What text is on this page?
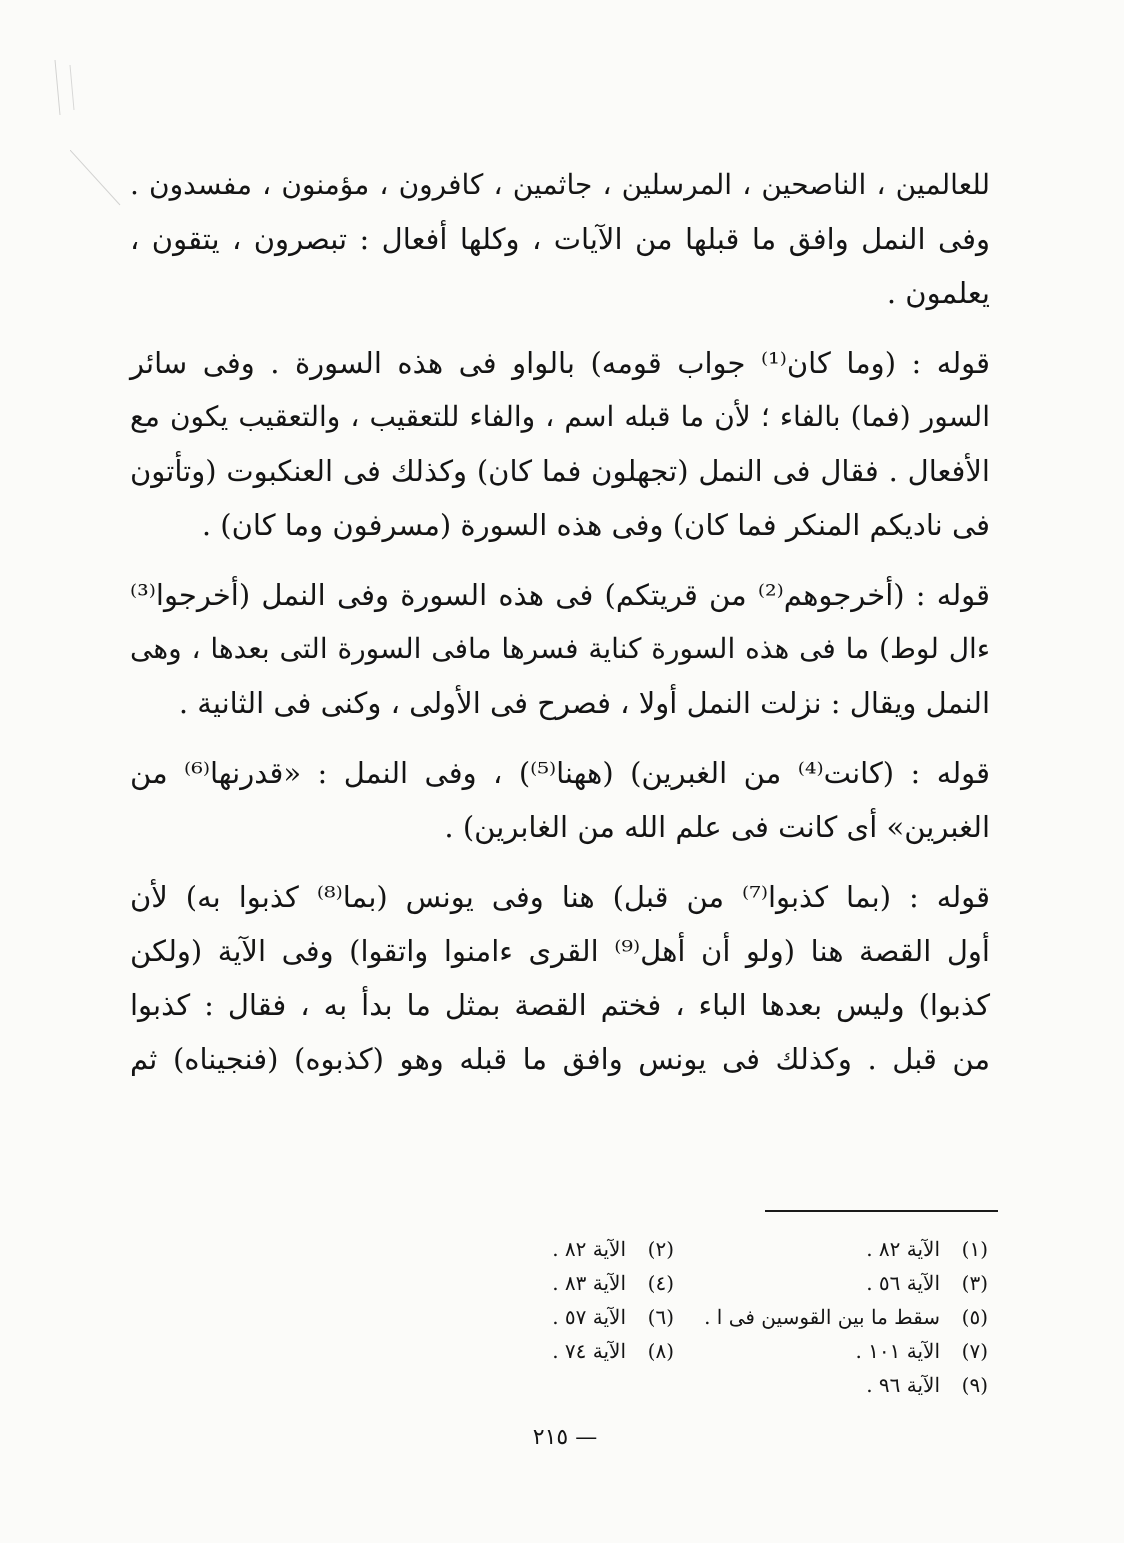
للعالمين ، الناصحين ، المرسلين ، جاثمين ، كافرون ، مؤمنون ، مفسدون .
وفى النمل وافق ما قبلها من الآيات ، وكلها أفعال : تبصرون ، يتقون ،
يعلمون .
قوله : (وما كان⁽¹⁾ جواب قومه) بالواو فى هذه السورة . وفى سائر
السور (فما) بالفاء ؛ لأن ما قبله اسم ، والفاء للتعقيب ، والتعقيب يكون مع
الأفعال . فقال فى النمل (تجهلون فما كان) وكذلك فى العنكبوت (وتأتون
فى ناديكم المنكر فما كان) وفى هذه السورة (مسرفون وما كان) .
قوله : (أخرجوهم⁽²⁾ من قريتكم) فى هذه السورة وفى النمل (أخرجوا⁽³⁾
ءال لوط) ما فى هذه السورة كناية فسرها مافى السورة التى بعدها ، وهى
النمل ويقال : نزلت النمل أولا ، فصرح فى الأولى ، وكنى فى الثانية .
قوله : (كانت⁽⁴⁾ من الغبرين) (ههنا⁽⁵⁾) ، وفى النمل : «قدرنها⁽⁶⁾ من
الغبرين» أى كانت فى علم الله من الغابرين) .
قوله : (بما كذبوا⁽⁷⁾ من قبل) هنا وفى يونس (بما⁽⁸⁾ كذبوا به) لأن
أول القصة هنا (ولو أن أهل⁽⁹⁾ القرى ءامنوا واتقوا) وفى الآية (ولكن
كذبوا) وليس بعدها الباء ، فختم القصة بمثل ما بدأ به ، فقال : كذبوا
من قبل . وكذلك فى يونس وافق ما قبله وهو (كذبوه) (فنجيناه) ثم
(١)
الآية ٨٢ .
(٢)
الآية ٨٢ .
(٣)
الآية ٥٦ .
(٤)
الآية ٨٣ .
(٥)
سقط ما بين القوسين فى ا .
(٦)
الآية ٥٧ .
(٧)
الآية ١٠١ .
(٨)
الآية ٧٤ .
(٩)
الآية ٩٦ .
— ٢١٥
